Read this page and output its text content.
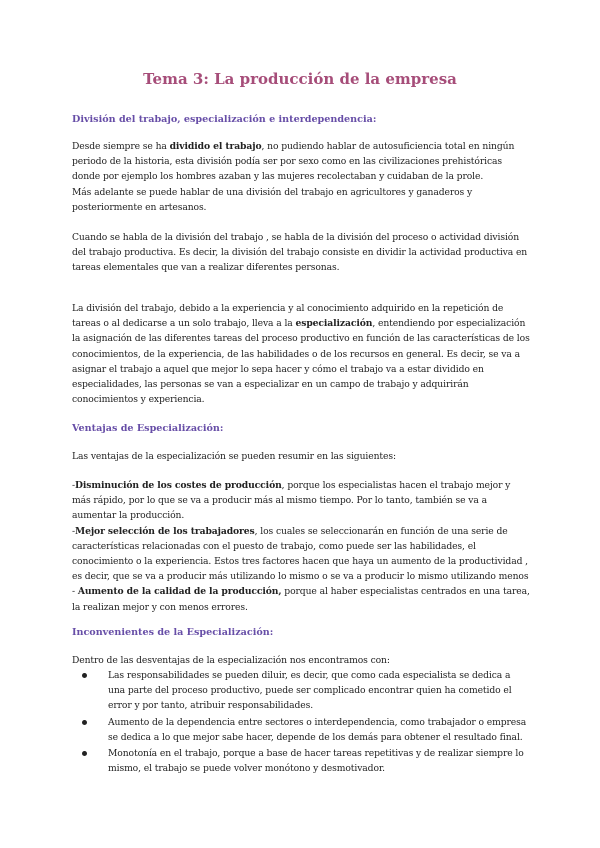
Tema 3: La producción de la empresa
División del trabajo, especialización e interdependencia:

Desde siempre se ha dividido el trabajo, no pudiendo hablar de autosuficiencia total en ningún periodo de la historia, esta división podía ser por sexo como en las civilizaciones prehistóricas donde por ejemplo los hombres azaban y las mujeres recolectaban y cuidaban de la prole.
Más adelante se puede hablar de una división del trabajo en agricultores y ganaderos y posteriormente en artesanos.

Cuando se habla de la división del trabajo , se habla de la división del proceso o actividad división del trabajo productiva. Es decir, la división del trabajo consiste en dividir la actividad productiva en tareas elementales que van a realizar diferentes personas.

La división del trabajo, debido a la experiencia y al conocimiento adquirido en la repetición de tareas o al dedicarse a un solo trabajo, lleva a la especialización, entendiendo por especialización la asignación de las diferentes tareas del proceso productivo en función de las características de los conocimientos, de la experiencia, de las habilidades o de los recursos en general. Es decir, se va a asignar el trabajo a aquel que mejor lo sepa hacer y cómo el trabajo va a estar dividido en especialidades, las personas se van a especializar en un campo de trabajo y adquirirán conocimientos y experiencia.

Ventajas de Especialización:

Las ventajas de la especialización se pueden resumir en las siguientes:

-Disminución de los costes de producción, porque los especialistas hacen el trabajo mejor y más rápido, por lo que se va a producir más al mismo tiempo. Por lo tanto, también se va a aumentar la producción.
-Mejor selección de los trabajadores, los cuales se seleccionarán en función de una serie de características relacionadas con el puesto de trabajo, como puede ser las habilidades, el conocimiento o la experiencia. Estos tres factores hacen que haya un aumento de la productividad , es decir, que se va a producir más utilizando lo mismo o se va a producir lo mismo utilizando menos
- Aumento de la calidad de la producción, porque al haber especialistas centrados en una tarea, la realizan mejor y con menos errores.

Inconvenientes de la Especialización:

Dentro de las desventajas de la especialización nos encontramos con:

Las responsabilidades se pueden diluir, es decir, que como cada especialista se dedica a una parte del proceso productivo, puede ser complicado encontrar quien ha cometido el error y por tanto, atribuir responsabilidades.
Aumento de la dependencia entre sectores o interdependencia, como trabajador o empresa se dedica a lo que mejor sabe hacer, depende de los demás para obtener el resultado final.
Monotonía en el trabajo, porque a base de hacer tareas repetitivas y de realizar siempre lo mismo, el trabajo se puede volver monótono y desmotivador.
